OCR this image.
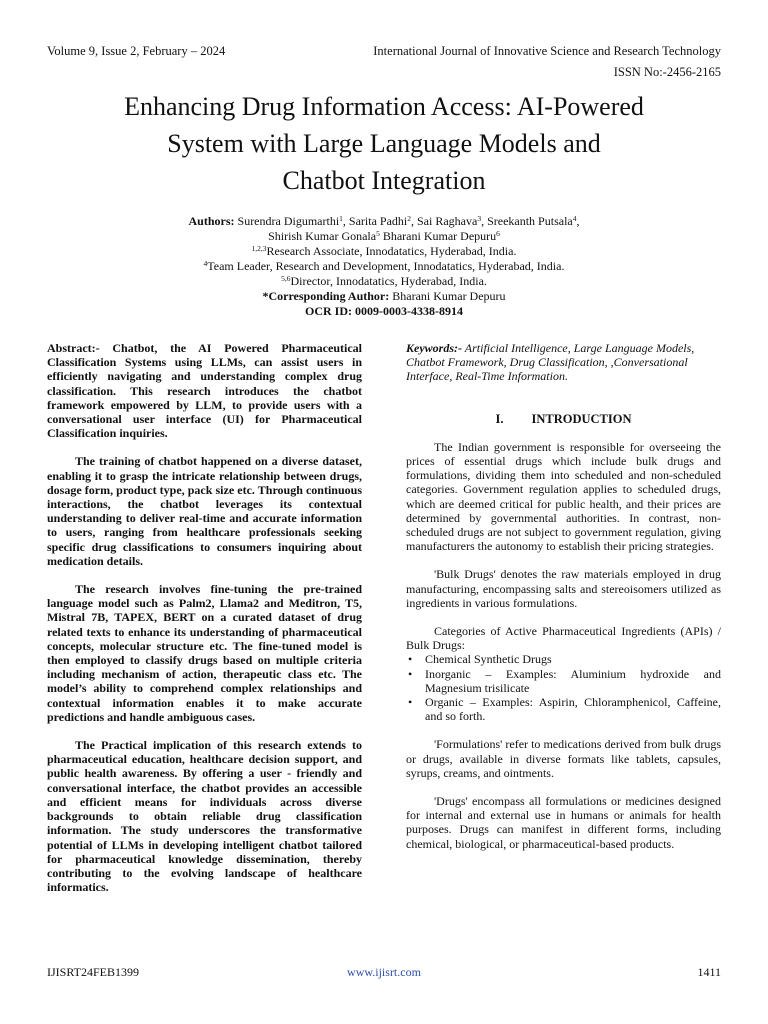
Volume 9, Issue 2, February – 2024	International Journal of Innovative Science and Research Technology
ISSN No:-2456-2165
Enhancing Drug Information Access: AI-Powered
System with Large Language Models and
Chatbot Integration
Authors: Surendra Digumarthi$^1$, Sarita Padhi$^2$, Sai Raghava$^3$, Sreekanth Putsala$^4$,
Shirish Kumar Gonala$^5$ Bharani Kumar Depuru$^6$
$^{1,2,3}$Research Associate, Innodatatics, Hyderabad, India.
$^4$Team Leader, Research and Development, Innodatatics, Hyderabad, India.
$^{5,6}$Director, Innodatatics, Hyderabad, India.
*Corresponding Author: Bharani Kumar Depuru
OCR ID: 0009-0003-4338-8914

Abstract:- Chatbot, the AI Powered Pharmaceutical Classification Systems using LLMs, can assist users in efficiently navigating and understanding complex drug classification. This research introduces the chatbot framework empowered by LLM, to provide users with a conversational user interface (UI) for Pharmaceutical Classification inquiries.

The training of chatbot happened on a diverse dataset, enabling it to grasp the intricate relationship between drugs, dosage form, product type, pack size etc. Through continuous interactions, the chatbot leverages its contextual understanding to deliver real-time and accurate information to users, ranging from healthcare professionals seeking specific drug classifications to consumers inquiring about medication details.

The research involves fine-tuning the pre-trained language model such as Palm2, Llama2 and Meditron, T5, Mistral 7B, TAPEX, BERT on a curated dataset of drug related texts to enhance its understanding of pharmaceutical concepts, molecular structure etc. The fine-tuned model is then employed to classify drugs based on multiple criteria including mechanism of action, therapeutic class etc. The model’s ability to comprehend complex relationships and contextual information enables it to make accurate predictions and handle ambiguous cases.

The Practical implication of this research extends to pharmaceutical education, healthcare decision support, and public health awareness. By offering a user - friendly and conversational interface, the chatbot provides an accessible and efficient means for individuals across diverse backgrounds to obtain reliable drug classification information. The study underscores the transformative potential of LLMs in developing intelligent chatbot tailored for pharmaceutical knowledge dissemination, thereby contributing to the evolving landscape of healthcare informatics.

Keywords:- Artificial Intelligence, Large Language Models, Chatbot Framework, Drug Classification, ,Conversational Interface, Real-Time Information.

I. INTRODUCTION

The Indian government is responsible for overseeing the prices of essential drugs which include bulk drugs and formulations, dividing them into scheduled and non-scheduled categories. Government regulation applies to scheduled drugs, which are deemed critical for public health, and their prices are determined by governmental authorities. In contrast, non-scheduled drugs are not subject to government regulation, giving manufacturers the autonomy to establish their pricing strategies.

'Bulk Drugs' denotes the raw materials employed in drug manufacturing, encompassing salts and stereoisomers utilized as ingredients in various formulations.

Categories of Active Pharmaceutical Ingredients (APIs) / Bulk Drugs:

• Chemical Synthetic Drugs
• Inorganic – Examples: Aluminium hydroxide and Magnesium trisilicate
• Organic – Examples: Aspirin, Chloramphenicol, Caffeine, and so forth.

'Formulations' refer to medications derived from bulk drugs or drugs, available in diverse formats like tablets, capsules, syrups, creams, and ointments.

'Drugs' encompass all formulations or medicines designed for internal and external use in humans or animals for health purposes. Drugs can manifest in different forms, including chemical, biological, or pharmaceutical-based products.

IJISRT24FEB1399	www.ijisrt.com	1411
